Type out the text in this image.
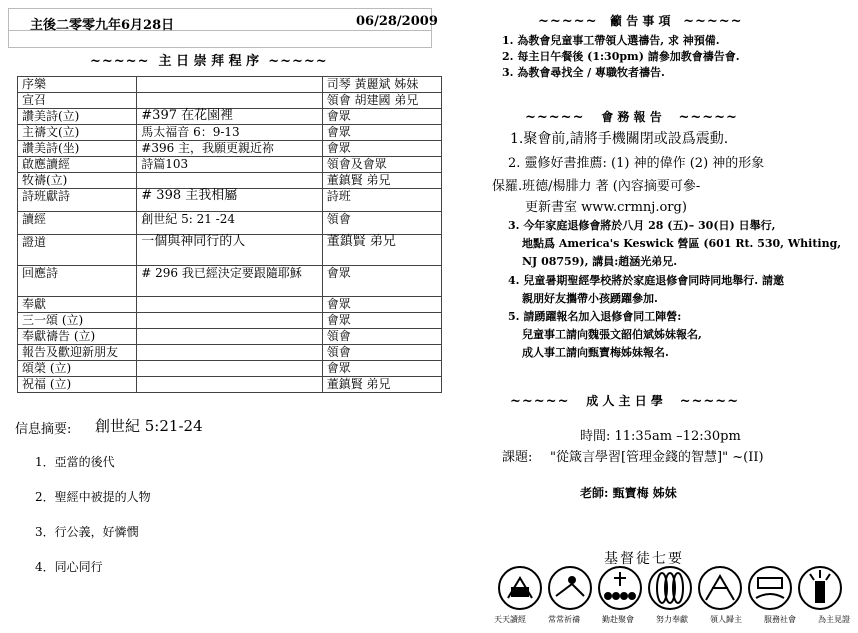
主後二零零九年6月28日	06/28/2009
~~~~~ 主 日 崇 拜 程 序 ~~~~~
序樂		司琴 黃麗斌 姊妹
宣召		領會 胡建國 弟兄
讚美詩(立)	#397 在花園裡	會眾
主禱文(立)	馬太福音 6：9-13	會眾
讚美詩(坐)	#396 主，我願更親近祢	會眾
啟應讀經	詩篇103	領會及會眾
牧禱(立)		董鎮賢 弟兄
詩班獻詩	# 398 主我相屬	詩班
讀經	創世紀 5: 21 -24	領會
證道	一個與神同行的人	董鎮賢 弟兄
回應詩	# 296 我已經決定要跟隨耶穌	會眾
奉獻		會眾
三一頌 (立)		會眾
奉獻禱告 (立)		領會
報告及歡迎新朋友		領會
頌榮 (立)		會眾
祝福 (立)		董鎮賢 弟兄
信息摘要: 創世紀 5:21-24
1．亞當的後代
2．聖經中被提的人物
3．行公義，好憐憫
4．同心同行
~~~~~ 籲 告 事 項 ~~~~~
1. 為教會兒童事工帶領人選禱告, 求 神預備.
2. 每主日午餐後 (1:30pm) 請參加教會禱告會.
3. 為教會尋找全 / 專職牧者禱告.
~~~~~ 會 務 報 告 ~~~~~
1.聚會前,請將手機關閉或設爲震動.
2. 靈修好書推薦: (1) 神的偉作 (2) 神的形象
保羅.班德/楊腓力 著 (內容摘要可參-
更新書室 www.crmnj.org)
3. 今年家庭退修會將於八月 28 (五)– 30(日) 日舉行,
地點爲 America's Keswick 營區 (601 Rt. 530, Whiting,
NJ 08759), 講員:趙涵光弟兄.
4. 兒童暑期聖經學校將於家庭退修會同時同地舉行. 請邀
親朋好友攜帶小孩踴躍參加.
5. 請踴躍報名加入退修會同工陣營:
兒童事工請向魏張文韶伯斌姊妹報名,
成人事工請向甄寶梅姊妹報名.
~~~~~ 成 人 主 日 學 ~~~~~
時間: 11:35am –12:30pm
課題: "從箴言學習[管理金錢的智慧]" ~(II)
老師: 甄寶梅 姊妹
基督徒七要
天天讀經	常常祈禱	勤赴聚會	努力奉獻	領人歸主	服務社會	為主見證
